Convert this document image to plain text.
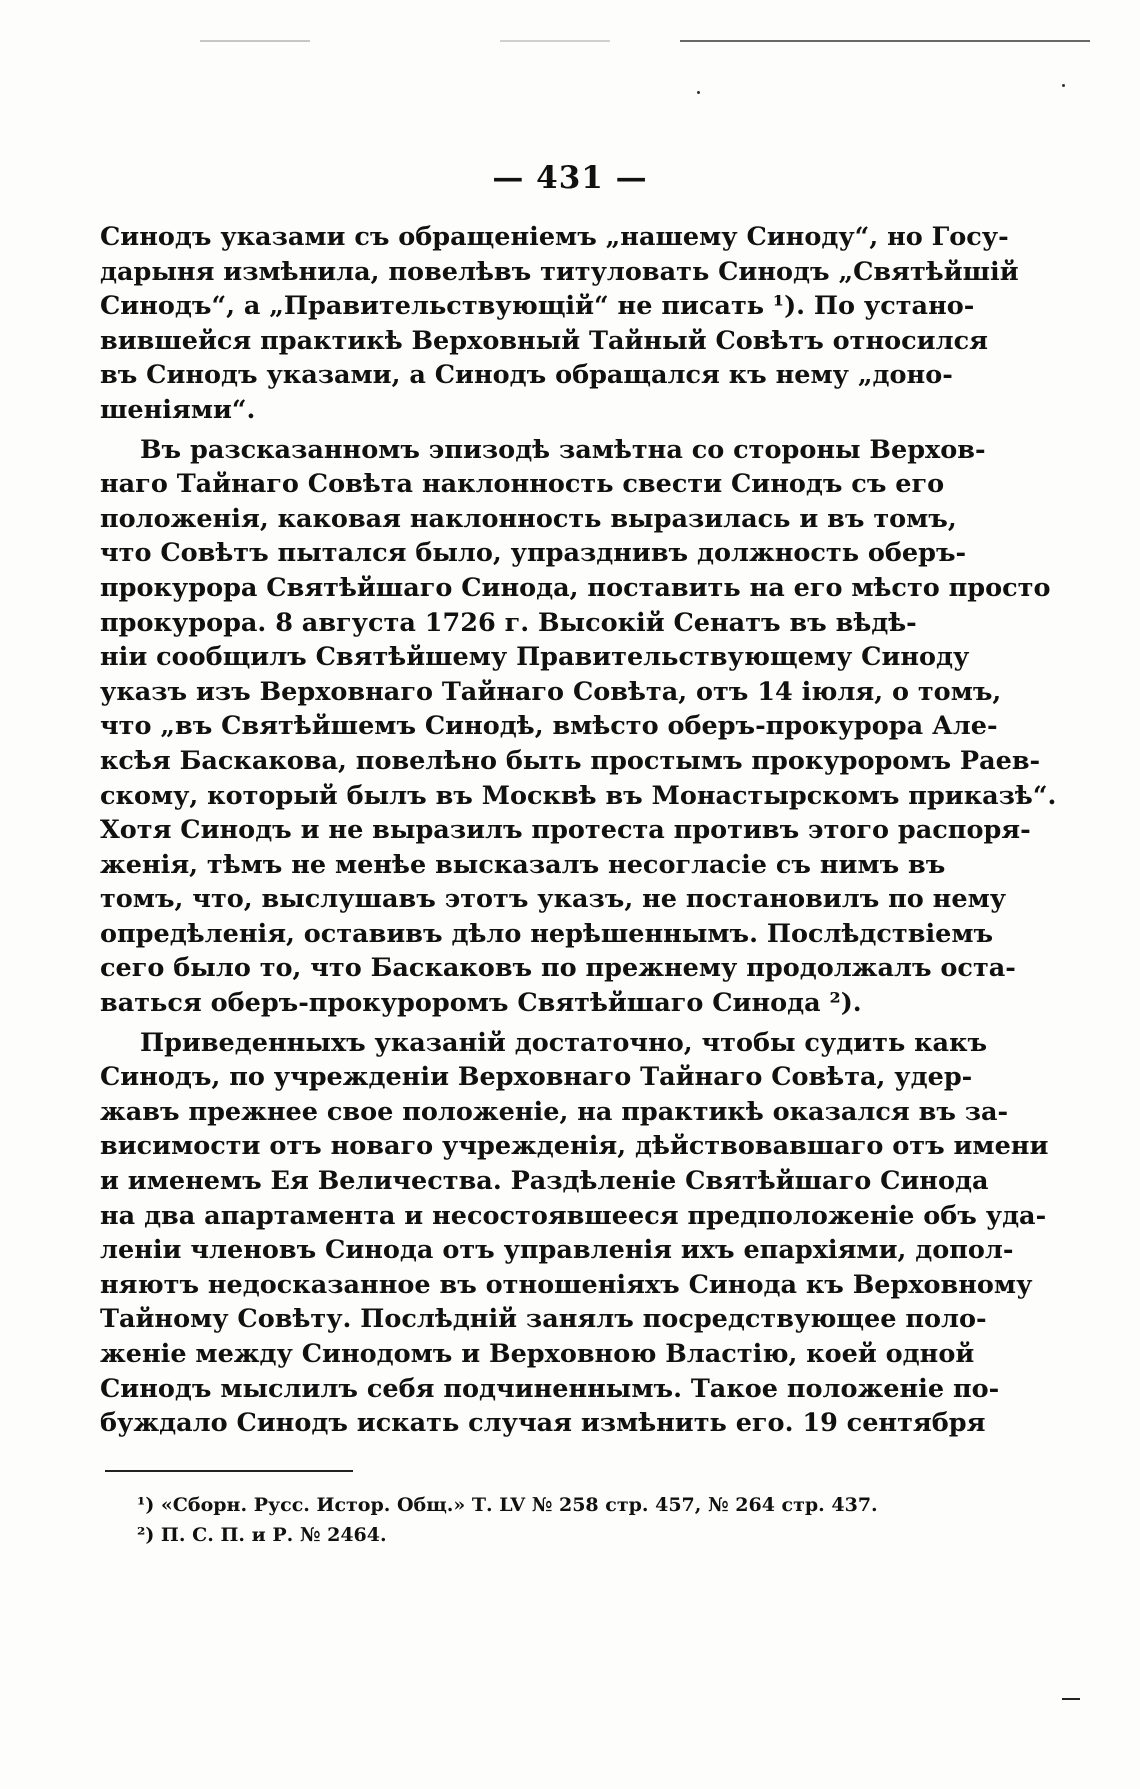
— 431 —
Синодъ указами съ обращеніемъ „нашему Синоду“, но Госу-
дарыня измѣнила, повелѣвъ титуловать Синодъ „Святѣйшій
Синодъ“, а „Правительствующій“ не писать ¹). По устано-
вившейся практикѣ Верховный Тайный Совѣтъ относился
въ Синодъ указами, а Синодъ обращался къ нему „доно-
шеніями“.
Въ разсказанномъ эпизодѣ замѣтна со стороны Верхов-
наго Тайнаго Совѣта наклонность свести Синодъ съ его
положенія, каковая наклонность выразилась и въ томъ,
что Совѣтъ пытался было, упразднивъ должность оберъ-
прокурора Святѣйшаго Синода, поставить на его мѣсто просто
прокурора. 8 августа 1726 г. Высокій Сенатъ въ вѣдѣ-
ніи сообщилъ Святѣйшему Правительствующему Синоду
указъ изъ Верховнаго Тайнаго Совѣта, отъ 14 іюля, о томъ,
что „въ Святѣйшемъ Синодѣ, вмѣсто оберъ-прокурора Але-
ксѣя Баскакова, повелѣно быть простымъ прокуроромъ Раев-
скому, который былъ въ Москвѣ въ Монастырскомъ приказѣ“.
Хотя Синодъ и не выразилъ протеста противъ этого распоря-
женія, тѣмъ не менѣе высказалъ несогласіе съ нимъ въ
томъ, что, выслушавъ этотъ указъ, не постановилъ по нему
опредѣленія, оставивъ дѣло нерѣшеннымъ. Послѣдствіемъ
сего было то, что Баскаковъ по прежнему продолжалъ оста-
ваться оберъ-прокуроромъ Святѣйшаго Синода ²).
Приведенныхъ указаній достаточно, чтобы судить какъ
Синодъ, по учрежденіи Верховнаго Тайнаго Совѣта, удер-
жавъ прежнее свое положеніе, на практикѣ оказался въ за-
висимости отъ новаго учрежденія, дѣйствовавшаго отъ имени
и именемъ Ея Величества. Раздѣленіе Святѣйшаго Синода
на два апартамента и несостоявшееся предположеніе объ уда-
леніи членовъ Синода отъ управленія ихъ епархіями, допол-
няютъ недосказанное въ отношеніяхъ Синода къ Верховному
Тайному Совѣту. Послѣдній занялъ посредствующее поло-
женіе между Синодомъ и Верховною Властію, коей одной
Синодъ мыслилъ себя подчиненнымъ. Такое положеніе по-
буждало Синодъ искать случая измѣнить его. 19 сентября
¹) «Сборн. Русс. Истор. Общ.» Т. LV № 258 стр. 457, № 264 стр. 437.
²) П. С. П. и Р. № 2464.
